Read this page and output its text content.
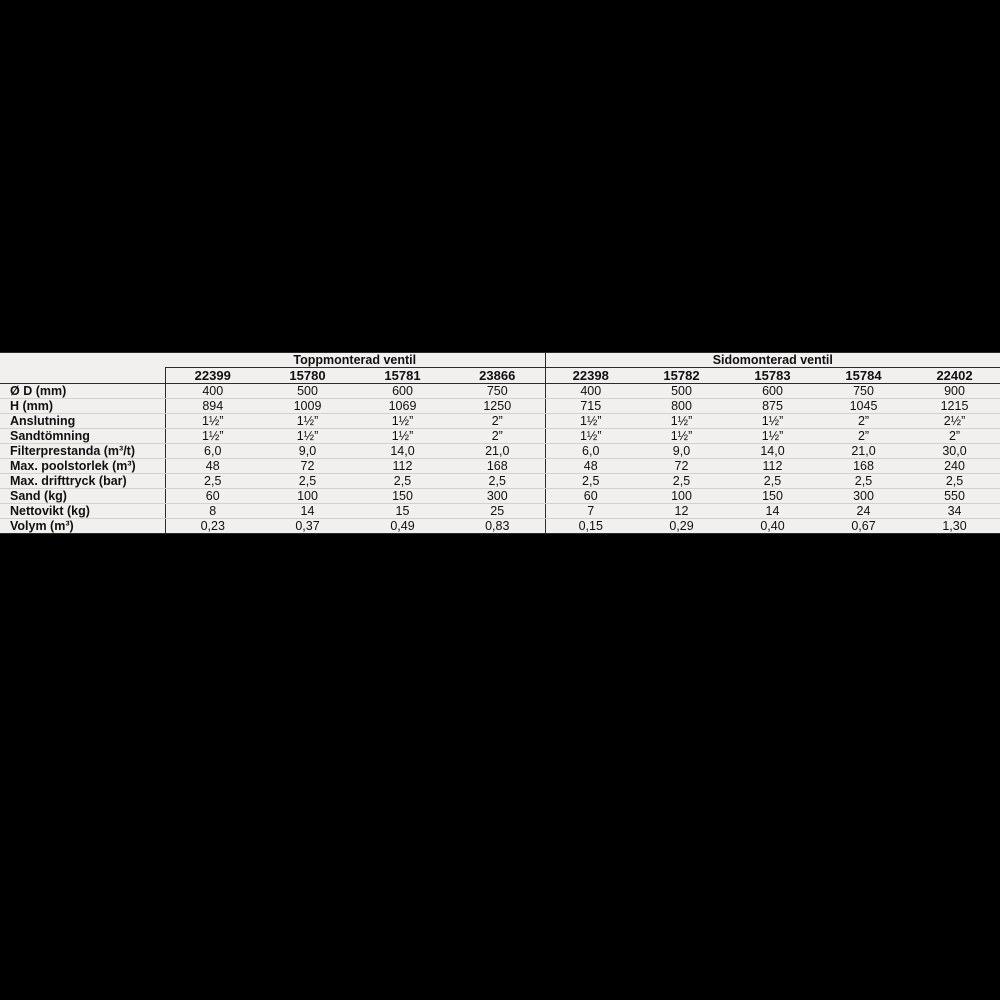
	Toppmonterad ventil				Sidomonterad ventil				
	22399	15780	15781	23866	22398	15782	15783	15784	22402
Ø D (mm)	400	500	600	750	400	500	600	750	900
H (mm)	894	1009	1069	1250	715	800	875	1045	1215
Anslutning	1½”	1½”	1½”	2”	1½”	1½”	1½”	2”	2½”
Sandtömning	1½”	1½”	1½”	2”	1½”	1½”	1½”	2”	2”
Filterprestanda (m³/t)	6,0	9,0	14,0	21,0	6,0	9,0	14,0	21,0	30,0
Max. poolstorlek (m³)	48	72	112	168	48	72	112	168	240
Max. drifttryck (bar)	2,5	2,5	2,5	2,5	2,5	2,5	2,5	2,5	2,5
Sand (kg)	60	100	150	300	60	100	150	300	550
Nettovikt (kg)	8	14	15	25	7	12	14	24	34
Volym (m³)	0,23	0,37	0,49	0,83	0,15	0,29	0,40	0,67	1,30
